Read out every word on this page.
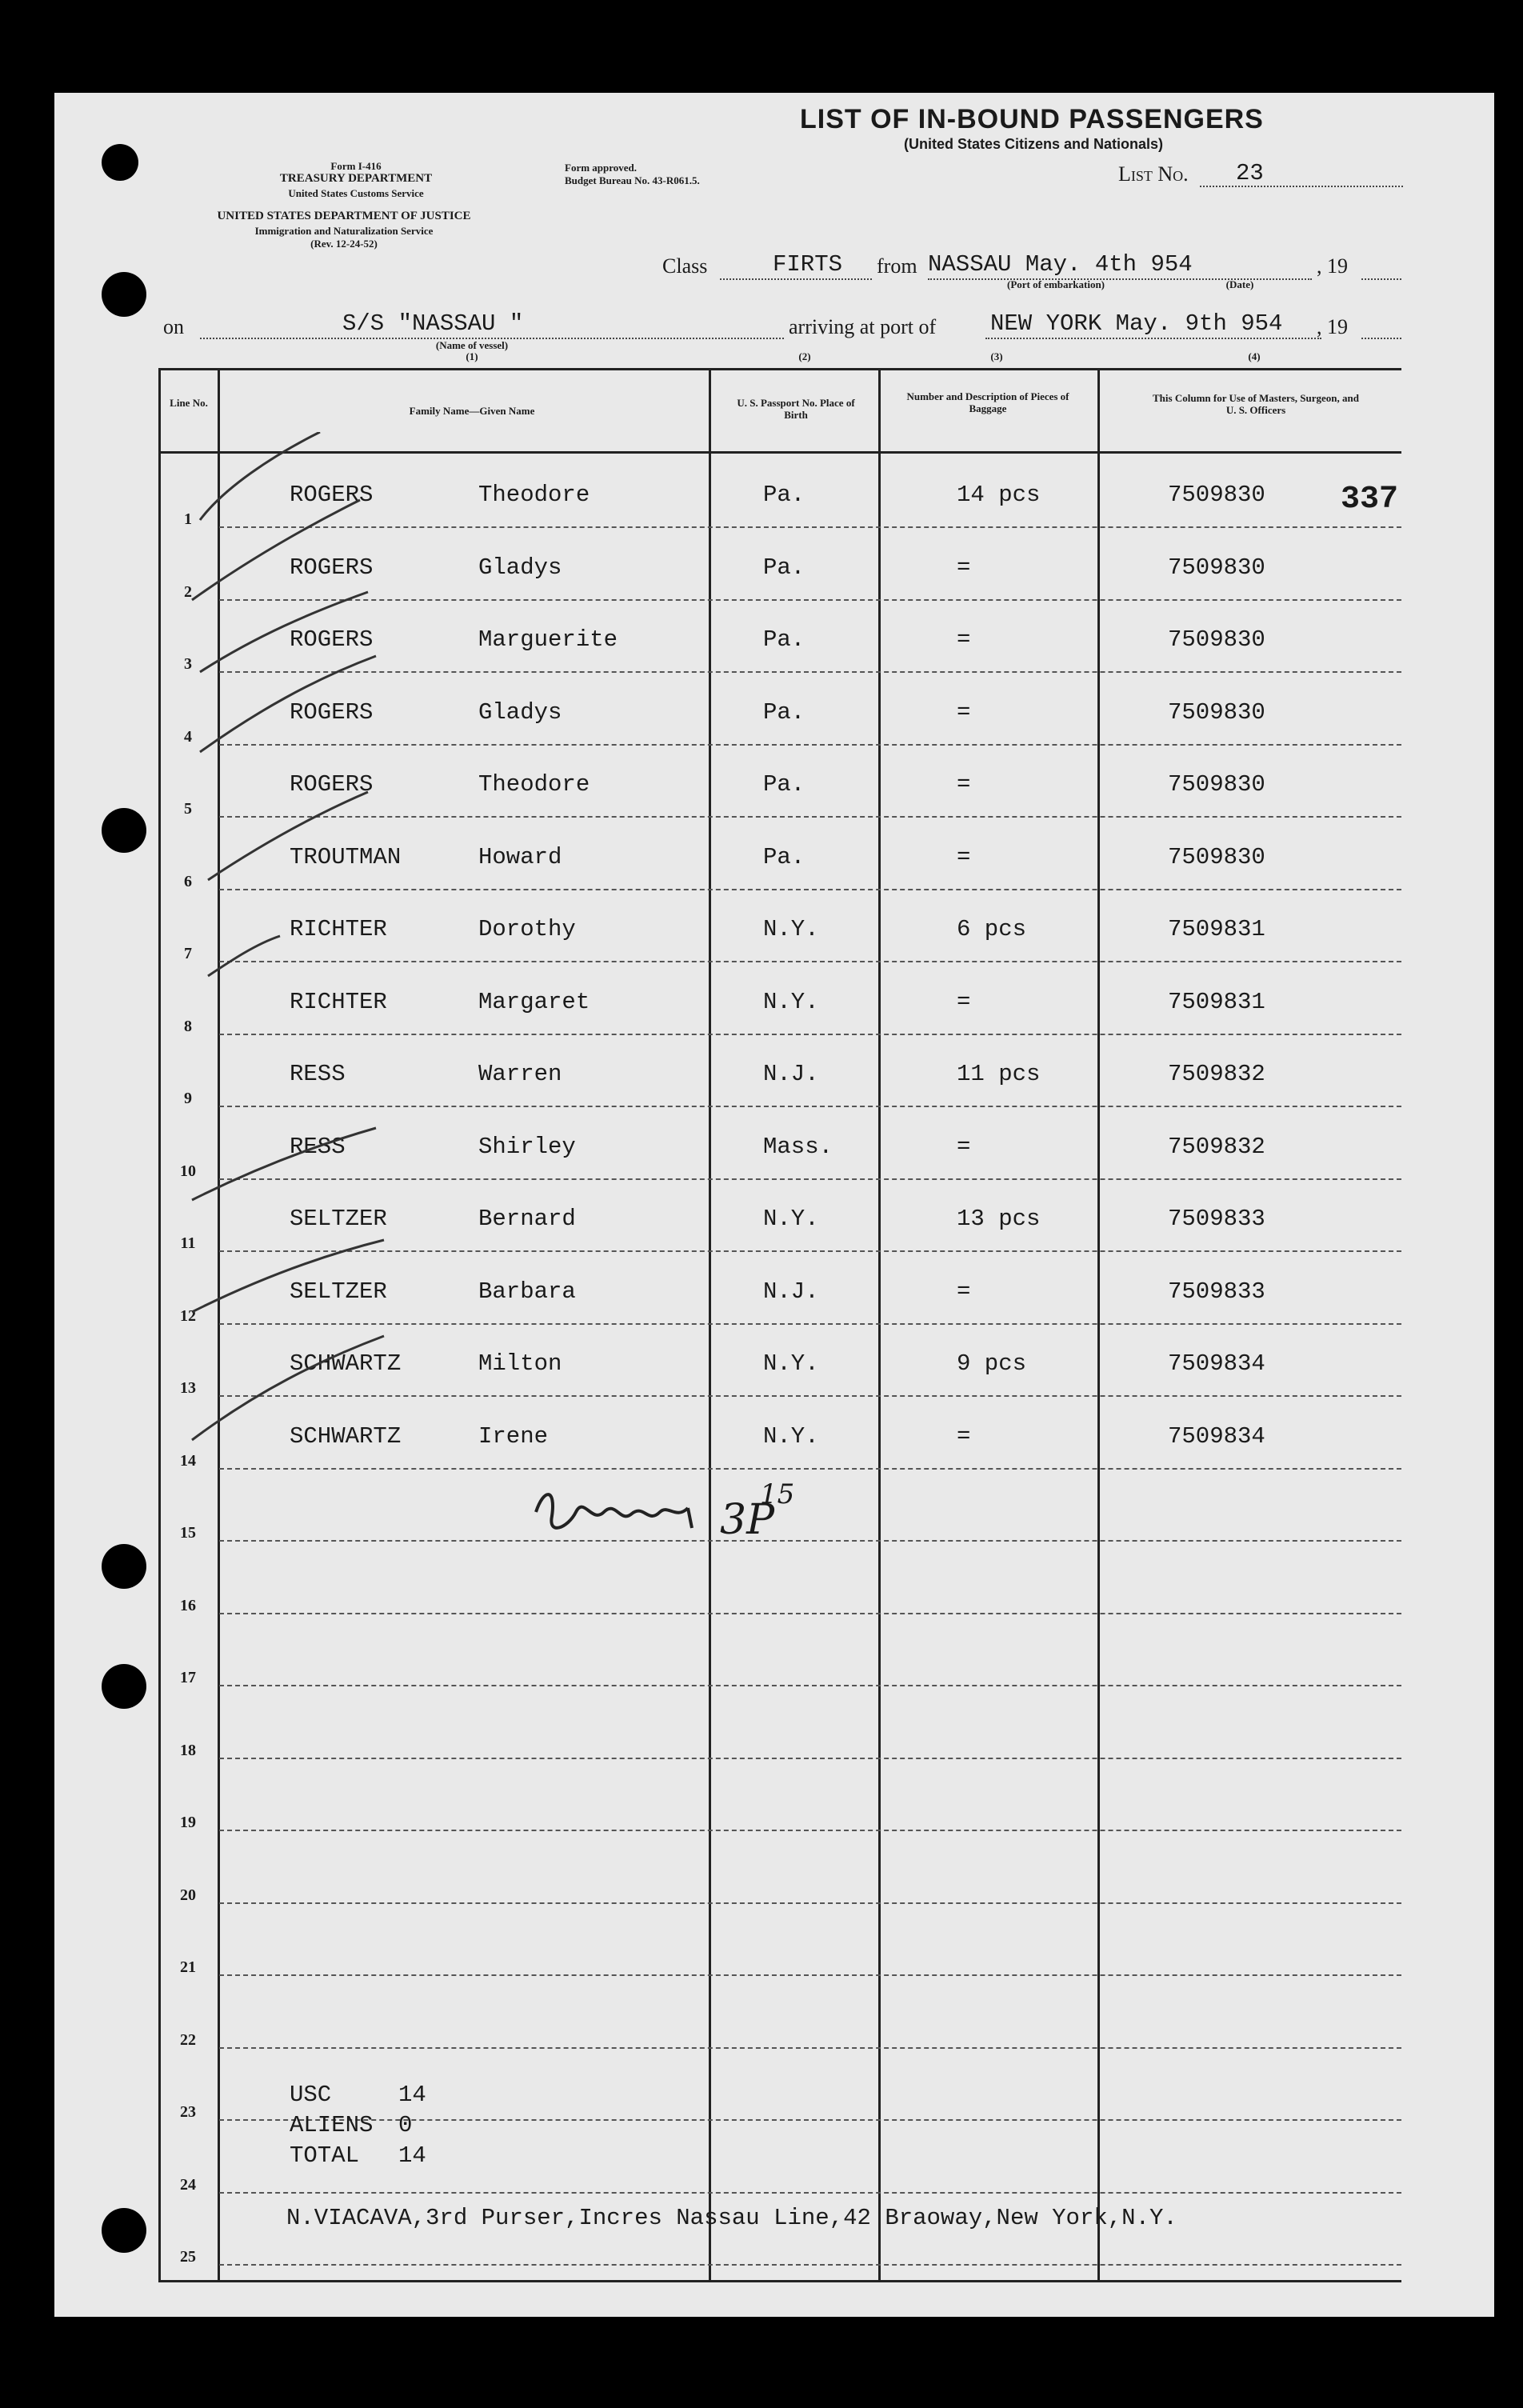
Form I-416
TREASURY DEPARTMENT
United States Customs Service
UNITED STATES DEPARTMENT OF JUSTICE
Immigration and Naturalization Service
(Rev. 12-24-52)
Form approved.
Budget Bureau No. 43-R061.5.	List No. 23
LIST OF IN-BOUND PASSENGERS
(United States Citizens and Nationals)
Class	FIRTS from NASSAU May. 4th 954	, 19
(Port of embarkation)	(Date)
on	S/S "NASSAU "
(Name of vessel)
(1)
arriving at port of NEW YORK May. 9th 954 , 19
(2)	(3)	(4)
337
Line No.
Family Name—Given Name
U. S. Passport No. Place of Birth
Number and Description of Pieces of Baggage
This Column for Use of Masters, Surgeon, and U. S. Officers
1
ROGERS	Theodore	Pa.	14 pcs	7509830
2
ROGERS	Gladys	Pa.	=	7509830
3
ROGERS	Marguerite	Pa.	=	7509830
4
ROGERS	Gladys	Pa.	=	7509830
5
ROGERS	Theodore	Pa.	=	7509830
6
TROUTMAN	Howard	Pa.	=	7509830
7
RICHTER	Dorothy	N.Y.	6 pcs	7509831
8
RICHTER	Margaret	N.Y.	=	7509831
9
RESS	Warren	N.J.	11 pcs	7509832
10
RESS	Shirley	Mass.	=	7509832
11
SELTZER	Bernard	N.Y.	13 pcs	7509833
12
SELTZER	Barbara	N.J.	=	7509833
13
SCHWARTZ	Milton	N.Y.	9 pcs	7509834
14
SCHWARTZ	Irene	N.Y.	=	7509834
15
16
17
18
19
20
21
22
23
24
25
USC	14
ALIENS 0
TOTAL 14
N.VIACAVA,3rd Purser,Incres Nassau Line,42 Braoway,New York,N.Y.
15
3P
